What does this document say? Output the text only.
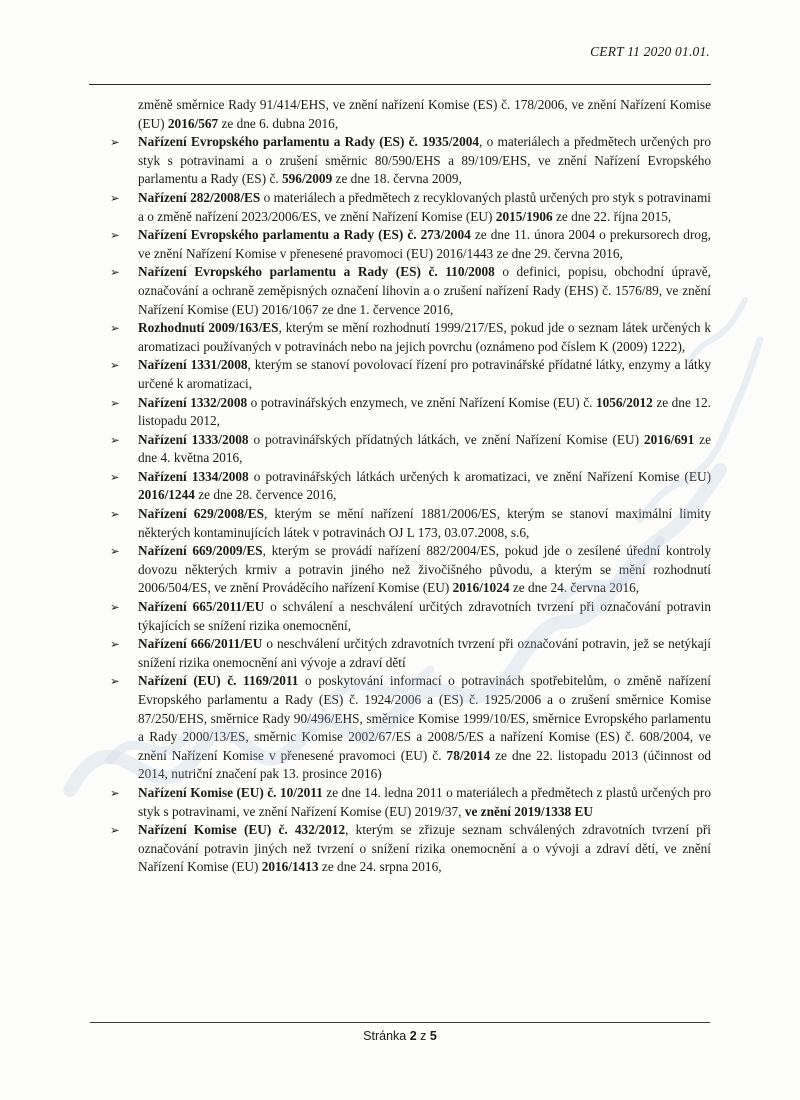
CERT 11 2020 01.01.
změně směrnice Rady 91/414/EHS, ve znění nařízení Komise (ES) č. 178/2006, ve znění Nařízení Komise (EU) 2016/567 ze dne 6. dubna 2016,
➢	Nařízení Evropského parlamentu a Rady (ES) č. 1935/2004, o materiálech a předmětech určených pro styk s potravinami a o zrušení směrnic 80/590/EHS a 89/109/EHS, ve znění Nařízení Evropského parlamentu a Rady (ES) č. 596/2009 ze dne 18. června 2009,
➢	Nařízení 282/2008/ES o materiálech a předmětech z recyklovaných plastů určených pro styk s potravinami a o změně nařízení 2023/2006/ES, ve znění Nařízení Komise (EU) 2015/1906 ze dne 22. října 2015,
➢	Nařízení Evropského parlamentu a Rady (ES) č. 273/2004 ze dne 11. února 2004 o prekursorech drog, ve znění Nařízení Komise v přenesené pravomoci (EU) 2016/1443 ze dne 29. června 2016,
➢	Nařízení Evropského parlamentu a Rady (ES) č. 110/2008 o definici, popisu, obchodní úpravě, označování a ochraně zeměpisných označení lihovin a o zrušení nařízení Rady (EHS) č. 1576/89, ve znění Nařízení Komise (EU) 2016/1067 ze dne 1. července 2016,
➢	Rozhodnutí 2009/163/ES, kterým se mění rozhodnutí 1999/217/ES, pokud jde o seznam látek určených k aromatizaci používaných v potravinách nebo na jejich povrchu (oznámeno pod číslem K (2009) 1222),
➢	Nařízení 1331/2008, kterým se stanoví povolovací řízení pro potravinářské přídatné látky, enzymy a látky určené k aromatizaci,
➢	Nařízení 1332/2008 o potravinářských enzymech, ve znění Nařízení Komise (EU) č. 1056/2012 ze dne 12. listopadu 2012,
➢	Nařízení 1333/2008 o potravinářských přídatných látkách, ve znění Nařízení Komise (EU) 2016/691 ze dne 4. května 2016,
➢	Nařízení 1334/2008 o potravinářských látkách určených k aromatizaci, ve znění Nařízení Komise (EU) 2016/1244 ze dne 28. července 2016,
➢	Nařízení 629/2008/ES, kterým se mění nařízení 1881/2006/ES, kterým se stanoví maximální limity některých kontaminujících látek v potravinách OJ L 173, 03.07.2008, s.6,
➢	Nařízení 669/2009/ES, kterým se provádí nařízení 882/2004/ES, pokud jde o zesílené úřední kontroly dovozu některých krmiv a potravin jiného než živočišného původu, a kterým se mění rozhodnutí 2006/504/ES, ve znění Prováděcího nařízení Komise (EU) 2016/1024 ze dne 24. června 2016,
➢	Nařízení 665/2011/EU o schválení a neschválení určitých zdravotních tvrzení při označování potravin týkajících se snížení rizika onemocnění,
➢	Nařízení 666/2011/EU o neschválení určitých zdravotních tvrzení při označování potravin, jež se netýkají snížení rizika onemocnění ani vývoje a zdraví dětí
➢	Nařízení (EU) č. 1169/2011 o poskytování informací o potravinách spotřebitelům, o změně nařízení Evropského parlamentu a Rady (ES) č. 1924/2006 a (ES) č. 1925/2006 a o zrušení směrnice Komise 87/250/EHS, směrnice Rady 90/496/EHS, směrnice Komise 1999/10/ES, směrnice Evropského parlamentu a Rady 2000/13/ES, směrnic Komise 2002/67/ES a 2008/5/ES a nařízení Komise (ES) č. 608/2004, ve znění Nařízení Komise v přenesené pravomoci (EU) č. 78/2014 ze dne 22. listopadu 2013 (účinnost od 2014, nutriční značení pak 13. prosince 2016)
➢	Nařízení Komise (EU) č. 10/2011 ze dne 14. ledna 2011 o materiálech a předmětech z plastů určených pro styk s potravinami, ve znění Nařízení Komise (EU) 2019/37, ve znění 2019/1338 EU
➢	Nařízení Komise (EU) č. 432/2012, kterým se zřizuje seznam schválených zdravotních tvrzení při označování potravin jiných než tvrzení o snížení rizika onemocnění a o vývoji a zdraví dětí, ve znění Nařízení Komise (EU) 2016/1413 ze dne 24. srpna 2016,
Stránka 2 z 5
